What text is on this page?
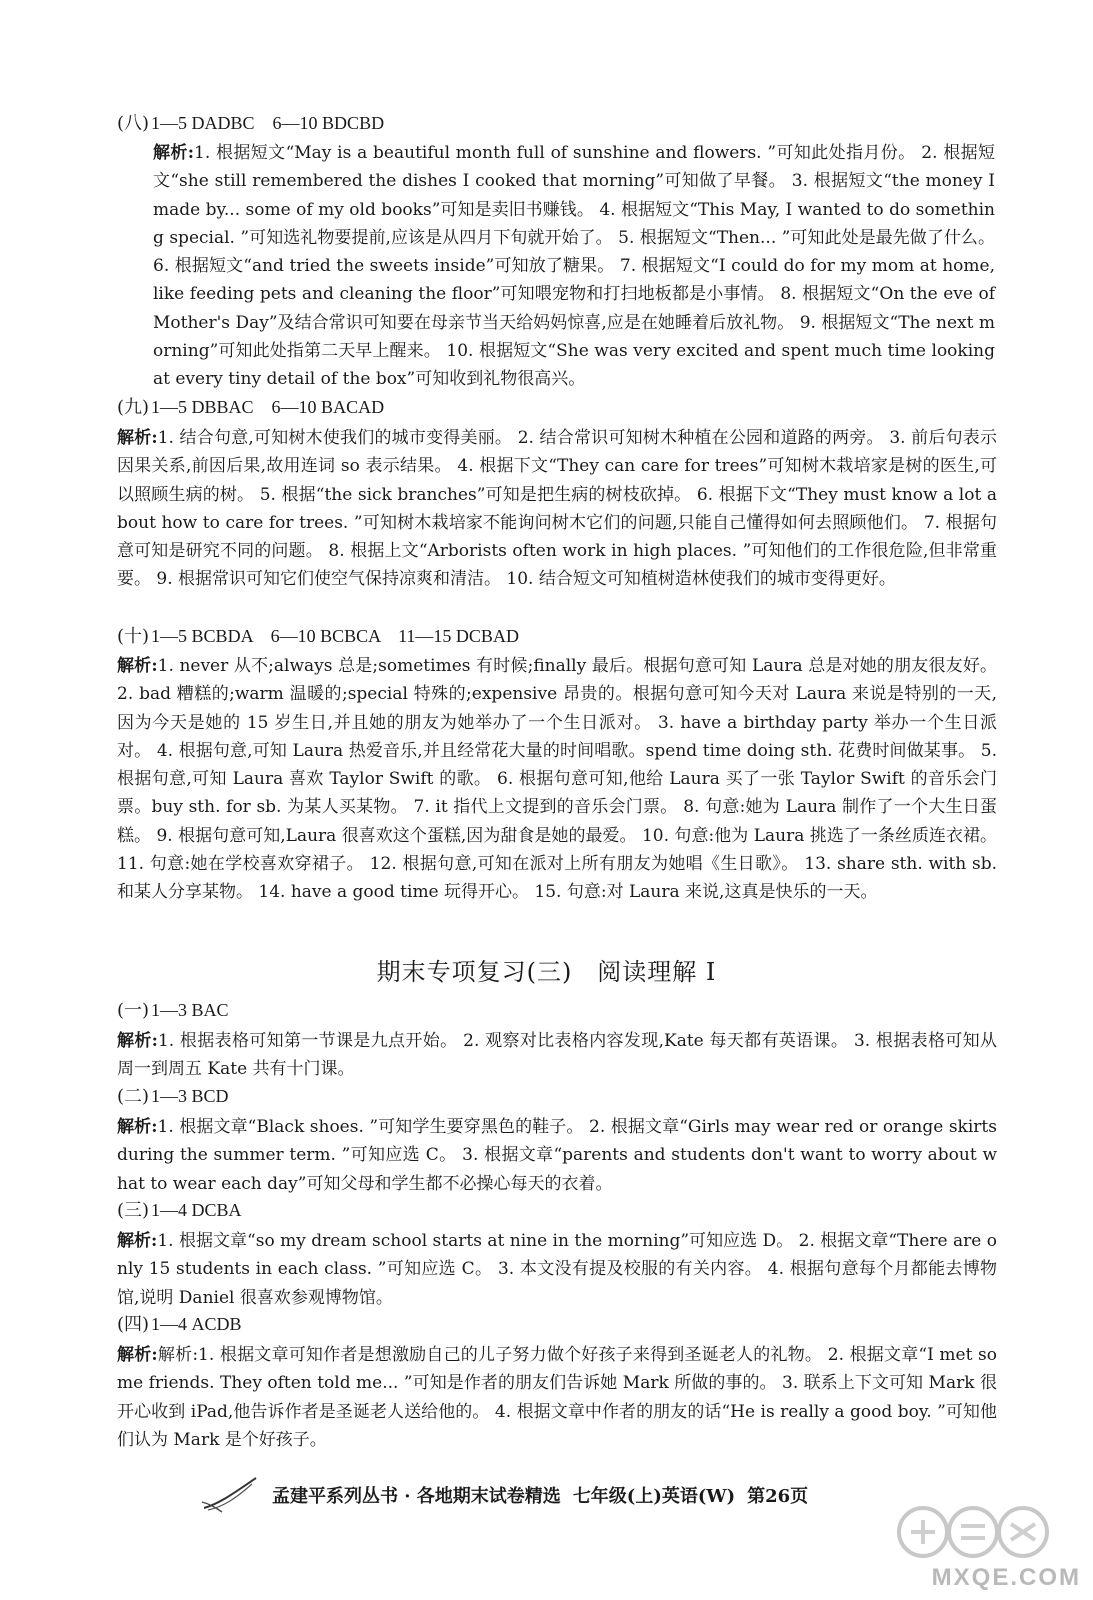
(八) 1—5 DADBC　6—10 BDCBD
解析:1. 根据短文“May is a beautiful month full of sunshine and flowers. ”可知此处指月份。 2. 根据短文“she still remembered the dishes I cooked that morning”可知做了早餐。 3. 根据短文“the money I made by... some of my old books”可知是卖旧书赚钱。 4. 根据短文“This May, I wanted to do something special. ”可知选礼物要提前,应该是从四月下旬就开始了。 5. 根据短文“Then... ”可知此处是最先做了什么。 6. 根据短文“and tried the sweets inside”可知放了糖果。 7. 根据短文“I could do for my mom at home, like feeding pets and cleaning the floor”可知喂宠物和打扫地板都是小事情。 8. 根据短文“On the eve of Mother's Day”及结合常识可知要在母亲节当天给妈妈惊喜,应是在她睡着后放礼物。 9. 根据短文“The next morning”可知此处指第二天早上醒来。 10. 根据短文“She was very excited and spent much time looking at every tiny detail of the box”可知收到礼物很高兴。
(九) 1—5 DBBAC　6—10 BACAD
解析:1. 结合句意,可知树木使我们的城市变得美丽。 2. 结合常识可知树木种植在公园和道路的两旁。 3. 前后句表示因果关系,前因后果,故用连词 so 表示结果。 4. 根据下文“They can care for trees”可知树木栽培家是树的医生,可以照顾生病的树。 5. 根据“the sick branches”可知是把生病的树枝砍掉。 6. 根据下文“They must know a lot about how to care for trees. ”可知树木栽培家不能询问树木它们的问题,只能自己懂得如何去照顾他们。 7. 根据句意可知是研究不同的问题。 8. 根据上文“Arborists often work in high places. ”可知他们的工作很危险,但非常重要。 9. 根据常识可知它们使空气保持凉爽和清洁。 10. 结合短文可知植树造林使我们的城市变得更好。
(十) 1—5 BCBDA　6—10 BCBCA　11—15 DCBAD
解析:1. never 从不;always 总是;sometimes 有时候;finally 最后。根据句意可知 Laura 总是对她的朋友很友好。 2. bad 糟糕的;warm 温暖的;special 特殊的;expensive 昂贵的。根据句意可知今天对 Laura 来说是特别的一天,因为今天是她的 15 岁生日,并且她的朋友为她举办了一个生日派对。 3. have a birthday party 举办一个生日派对。 4. 根据句意,可知 Laura 热爱音乐,并且经常花大量的时间唱歌。spend time doing sth. 花费时间做某事。 5. 根据句意,可知 Laura 喜欢 Taylor Swift 的歌。 6. 根据句意可知,他给 Laura 买了一张 Taylor Swift 的音乐会门票。buy sth. for sb. 为某人买某物。 7. it 指代上文提到的音乐会门票。 8. 句意:她为 Laura 制作了一个大生日蛋糕。 9. 根据句意可知,Laura 很喜欢这个蛋糕,因为甜食是她的最爱。 10. 句意:他为 Laura 挑选了一条丝质连衣裙。 11. 句意:她在学校喜欢穿裙子。 12. 根据句意,可知在派对上所有朋友为她唱《生日歌》。 13. share sth. with sb. 和某人分享某物。 14. have a good time 玩得开心。 15. 句意:对 Laura 来说,这真是快乐的一天。
期末专项复习(三)　阅读理解 Ⅰ
(一) 1—3 BAC
解析:1. 根据表格可知第一节课是九点开始。 2. 观察对比表格内容发现,Kate 每天都有英语课。 3. 根据表格可知从周一到周五 Kate 共有十门课。
(二) 1—3 BCD
解析:1. 根据文章“Black shoes. ”可知学生要穿黑色的鞋子。 2. 根据文章“Girls may wear red or orange skirts during the summer term. ”可知应选 C。 3. 根据文章“parents and students don't want to worry about what to wear each day”可知父母和学生都不必操心每天的衣着。
(三) 1—4 DCBA
解析:1. 根据文章“so my dream school starts at nine in the morning”可知应选 D。 2. 根据文章“There are only 15 students in each class. ”可知应选 C。 3. 本文没有提及校服的有关内容。 4. 根据句意每个月都能去博物馆,说明 Daniel 很喜欢参观博物馆。
(四) 1—4 ACDB
解析:解析:1. 根据文章可知作者是想激励自己的儿子努力做个好孩子来得到圣诞老人的礼物。 2. 根据文章“I met some friends. They often told me... ”可知是作者的朋友们告诉她 Mark 所做的事的。 3. 联系上下文可知 Mark 很开心收到 iPad,他告诉作者是圣诞老人送给他的。 4. 根据文章中作者的朋友的话“He is really a good boy. ”可知他们认为 Mark 是个好孩子。
孟建平系列丛书 · 各地期末试卷精选 七年级(上)英语(W) 第26页
MXQE.COM
